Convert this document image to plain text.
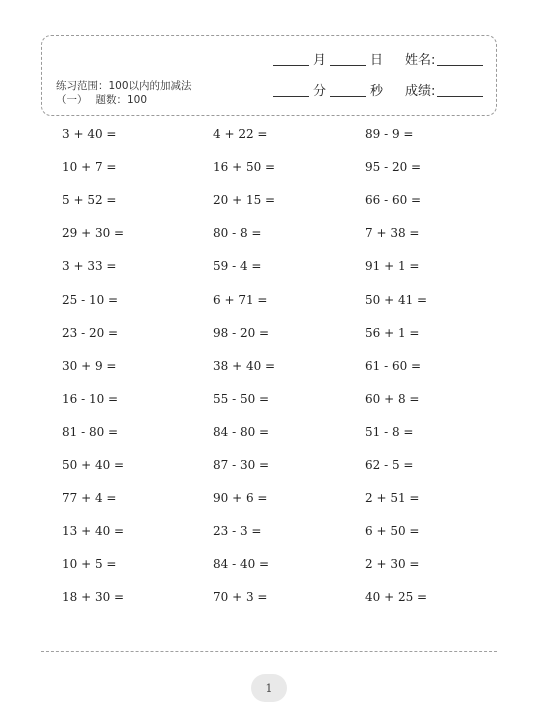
月	日 姓名:
分	秒 成绩:
练习范围：100以内的加减法
（一） 题数：100
3 + 40 =
10 + 7 =
5 + 52 =
29 + 30 =
3 + 33 =
25 - 10 =
23 - 20 =
30 + 9 =
16 - 10 =
81 - 80 =
50 + 40 =
77 + 4 =
13 + 40 =
10 + 5 =
18 + 30 =
4 + 22 =
16 + 50 =
20 + 15 =
80 - 8 =
59 - 4 =
6 + 71 =
98 - 20 =
38 + 40 =
55 - 50 =
84 - 80 =
87 - 30 =
90 + 6 =
23 - 3 =
84 - 40 =
70 + 3 =
89 - 9 =
95 - 20 =
66 - 60 =
7 + 38 =
91 + 1 =
50 + 41 =
56 + 1 =
61 - 60 =
60 + 8 =
51 - 8 =
62 - 5 =
2 + 51 =
6 + 50 =
2 + 30 =
40 + 25 =
1
